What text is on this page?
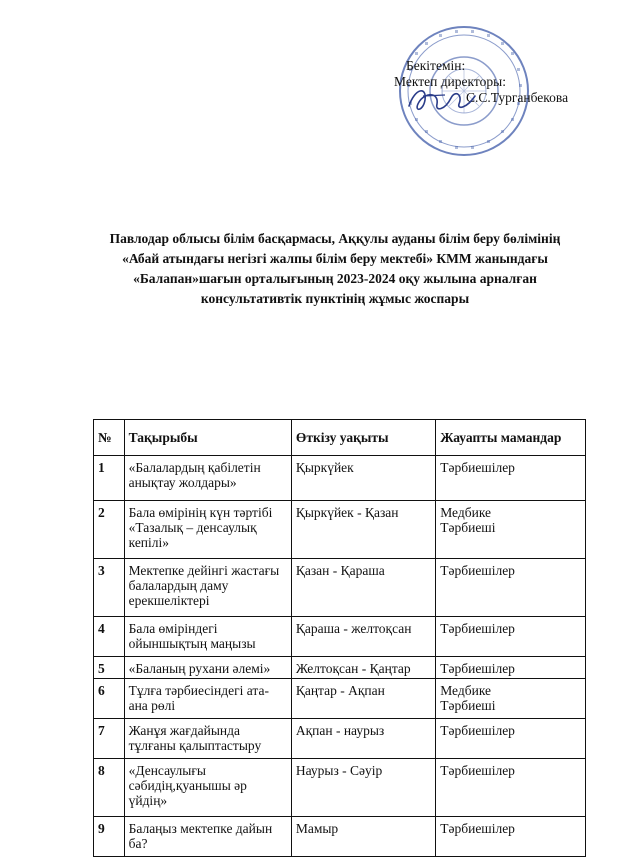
Бекітемін:
Мектеп директоры:
С.С.Турганбекова
Павлодар облысы білім басқармасы, Аққулы ауданы білім беру бөлімінің «Абай атындағы негізгі жалпы білім беру мектебі» КММ жанындағы «Балапан»шағын орталығының 2023-2024 оқу жылына арналған консультативтік пунктінің жұмыс жоспары
№	Тақырыбы	Өткізу уақыты	Жауапты мамандар
1	«Балалардың қабілетін анықтау жолдары»	Қыркүйек	Тәрбиешілер
2	Бала өмірінің күн тәртібі «Тазалық – денсаулық кепілі»	Қыркүйек - Қазан	Медбике
Тәрбиеші
3	Мектепке дейінгі жастағы балалардың даму ерекшеліктері	Қазан - Қараша	Тәрбиешілер
4	Бала өміріндегі ойыншықтың маңызы	Қараша - желтоқсан	Тәрбиешілер
5	«Баланың рухани әлемі»	Желтоқсан - Қаңтар	Тәрбиешілер
6	Тұлға тәрбиесіндегі ата-ана рөлі	Қаңтар - Ақпан	Медбике
Тәрбиеші
7	Жанұя жағдайында тұлғаны қалыптастыру	Ақпан - наурыз	Тәрбиешілер
8	«Денсаулығы сәбидің,қуанышы әр үйдің»	Наурыз - Сәуір	Тәрбиешілер
9	Балаңыз мектепке дайын ба?	Мамыр	Тәрбиешілер
